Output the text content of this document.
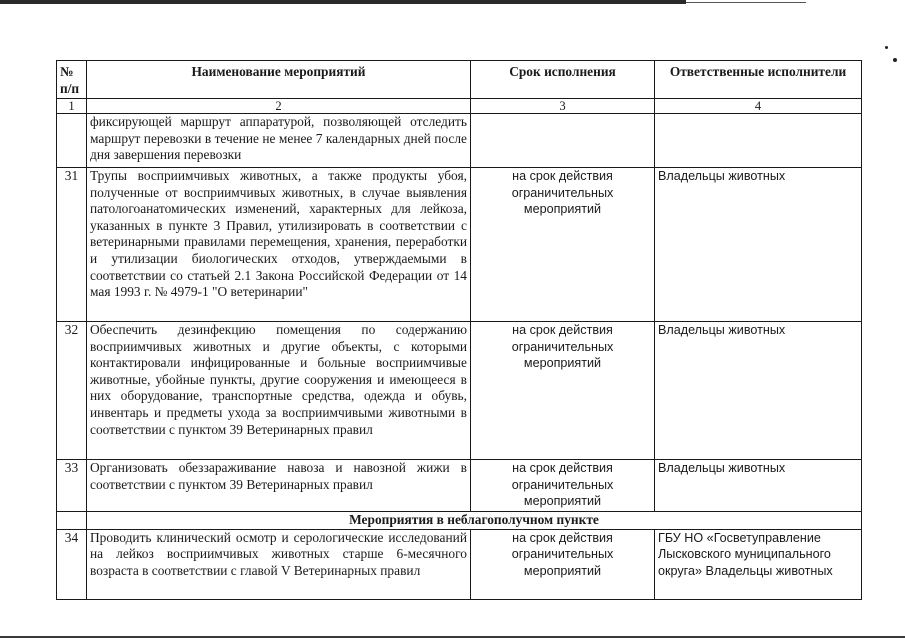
№ п/п	Наименование мероприятий	Срок исполнения	Ответственные исполнители
1	2	3	4
	фиксирующей маршрут аппаратурой, позволяющей отследить маршрут перевозки в течение не менее 7 календарных дней после дня завершения перевозки		
31	Трупы восприимчивых животных, а также продукты убоя, полученные от восприимчивых животных, в случае выявления патологоанатомических изменений, характерных для лейкоза, указанных в пункте 3 Правил, утилизировать в соответствии с ветеринарными правилами перемещения, хранения, переработки и утилизации биологических отходов, утверждаемыми в соответствии со статьей 2.1 Закона Российской Федерации от 14 мая 1993 г. № 4979-1 "О ветеринарии"	на срок действия ограничительных мероприятий	Владельцы животных
32	Обеспечить дезинфекцию помещения по содержанию восприимчивых животных и другие объекты, с которыми контактировали инфицированные и больные восприимчивые животные, убойные пункты, другие сооружения и имеющееся в них оборудование, транспортные средства, одежда и обувь, инвентарь и предметы ухода за восприимчивыми животными в соответствии с пунктом 39 Ветеринарных правил	на срок действия ограничительных мероприятий	Владельцы животных
33	Организовать обеззараживание навоза и навозной жижи в соответствии с пунктом 39 Ветеринарных правил	на срок действия ограничительных мероприятий	Владельцы животных
	Мероприятия в неблагополучном пункте		
34	Проводить клинический осмотр и серологические исследований на лейкоз восприимчивых животных старше 6-месячного возраста в соответствии с главой V Ветеринарных правил	на срок действия ограничительных мероприятий	ГБУ НО «Госветуправление Лысковского муниципального округа» Владельцы животных
